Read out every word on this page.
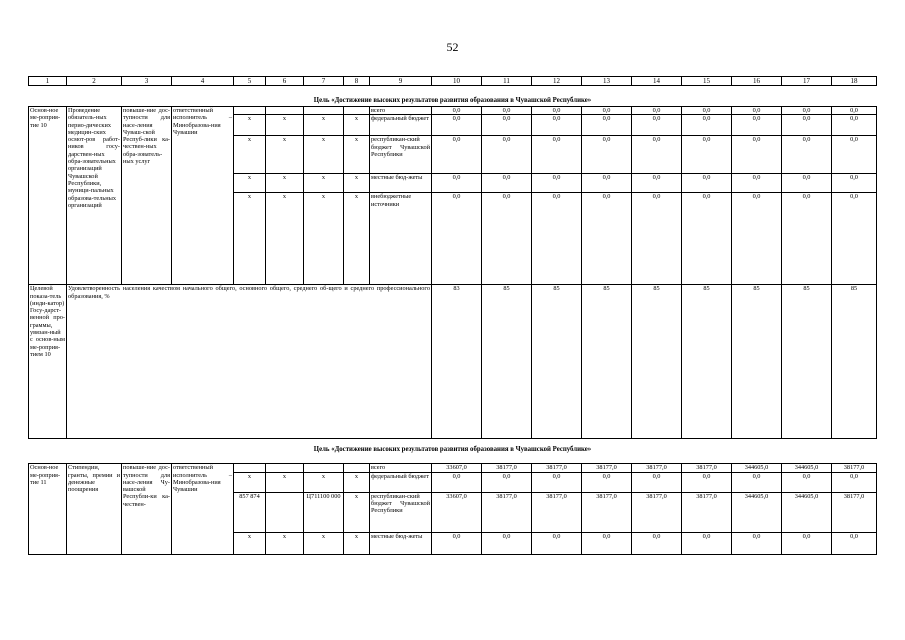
52
1	2	3	4	5	6	7	8	9	10	11	12	13	14	15	16	17	18

Цель «Достижение высоких результатов развития образования в Чувашской Республике»																	
Основ-ное ме-роприя-тие 10	Проведение обязатель-ных перио-дических медицин-ских осмот-ров работ-ников госу-дарствен-ных обра-зовательных организаций Чувашской Республики, муници-пальных образова-тельных организаций	повыше-ние дос-тупности для насе-ления Чуваш-ской Респуб-лики ка-чествен-ных обра-зователь-ных услуг	ответственный исполнитель – Минобразова-ния Чувашии					всего	0,0	0,0	0,0	0,0	0,0	0,0	0,0	0,0	0,0
				x	x	x	x	федеральный бюджет	0,0	0,0	0,0	0,0	0,0	0,0	0,0	0,0	0,0
				x	x	x	x	республикан-ский бюджет Чувашской Республики	0,0	0,0	0,0	0,0	0,0	0,0	0,0	0,0	0,0
				x	x	x	x	местные бюд-жеты	0,0	0,0	0,0	0,0	0,0	0,0	0,0	0,0	0,0
				x	x	x	x	внебюджетные источники	0,0	0,0	0,0	0,0	0,0	0,0	0,0	0,0	0,0
Целевой показа-тель (инди-катор) Госу-дарст-венной про-граммы, увязан-ный с основ-ным ме-роприя-тием 10	Удовлетворенность населения качеством начального общего, основного общего, среднего об-щего и среднего профессионального образования, %								83	85	85	85	85	85	85	85	85

Цель «Достижение высоких результатов развития образования в Чувашской Республике»																	

Основ-ное ме-роприя-тие 11	Стипендии, гранты, премии и денежные поощрения	повыше-ние дос-тупности для насе-ления Чу-вашской Республи-ки ка-чествен-	ответственный исполнитель – Минобразова-ния Чувашии					всего	33607,0	38177,0	38177,0	38177,0	38177,0	38177,0	344605,0	344605,0	38177,0
				x	x	x	x	федеральный бюджет	0,0	0,0	0,0	0,0	0,0	0,0	0,0	0,0	0,0
				857 874		Ц711100 000	x	республикан-ский бюджет Чувашской Республики	33607,0	38177,0	38177,0	38177,0	38177,0	38177,0	344605,0	344605,0	38177,0
				x	x	x	x	местные бюд-жеты	0,0	0,0	0,0	0,0	0,0	0,0	0,0	0,0	0,0
